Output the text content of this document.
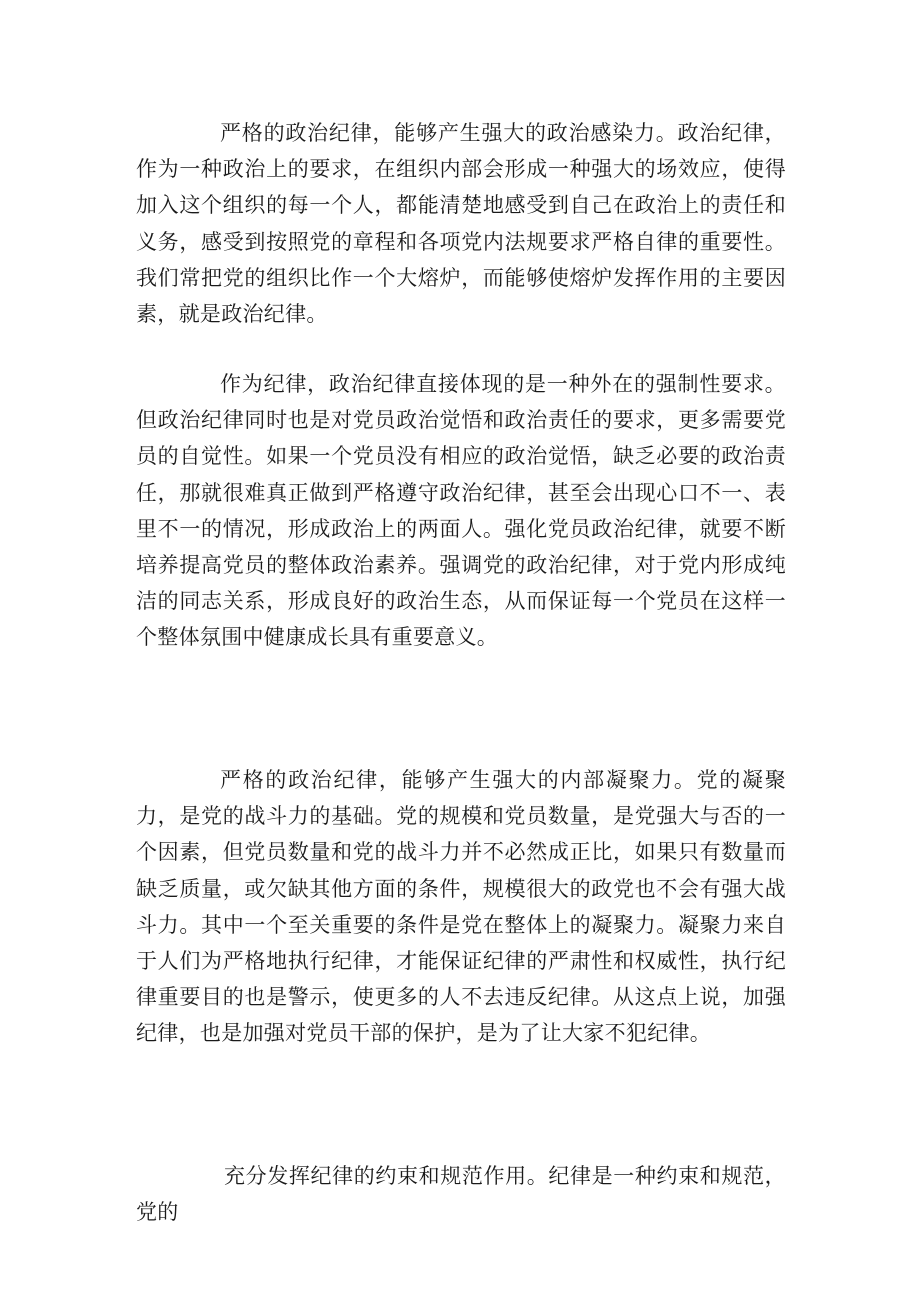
严格的政治纪律，能够产生强大的政治感染力。政治纪律，作为一种政治上的要求，在组织内部会形成一种强大的场效应，使得加入这个组织的每一个人，都能清楚地感受到自己在政治上的责任和义务，感受到按照党的章程和各项党内法规要求严格自律的重要性。我们常把党的组织比作一个大熔炉，而能够使熔炉发挥作用的主要因素，就是政治纪律。

作为纪律，政治纪律直接体现的是一种外在的强制性要求。但政治纪律同时也是对党员政治觉悟和政治责任的要求，更多需要党员的自觉性。如果一个党员没有相应的政治觉悟，缺乏必要的政治责任，那就很难真正做到严格遵守政治纪律，甚至会出现心口不一、表里不一的情况，形成政治上的两面人。强化党员政治纪律，就要不断培养提高党员的整体政治素养。强调党的政治纪律，对于党内形成纯洁的同志关系，形成良好的政治生态，从而保证每一个党员在这样一个整体氛围中健康成长具有重要意义。

严格的政治纪律，能够产生强大的内部凝聚力。党的凝聚力，是党的战斗力的基础。党的规模和党员数量，是党强大与否的一个因素，但党员数量和党的战斗力并不必然成正比，如果只有数量而缺乏质量，或欠缺其他方面的条件，规模很大的政党也不会有强大战斗力。其中一个至关重要的条件是党在整体上的凝聚力。凝聚力来自于人们为严格地执行纪律，才能保证纪律的严肃性和权威性，执行纪律重要目的也是警示，使更多的人不去违反纪律。从这点上说，加强纪律，也是加强对党员干部的保护，是为了让大家不犯纪律。

充分发挥纪律的约束和规范作用。纪律是一种约束和规范，党的
